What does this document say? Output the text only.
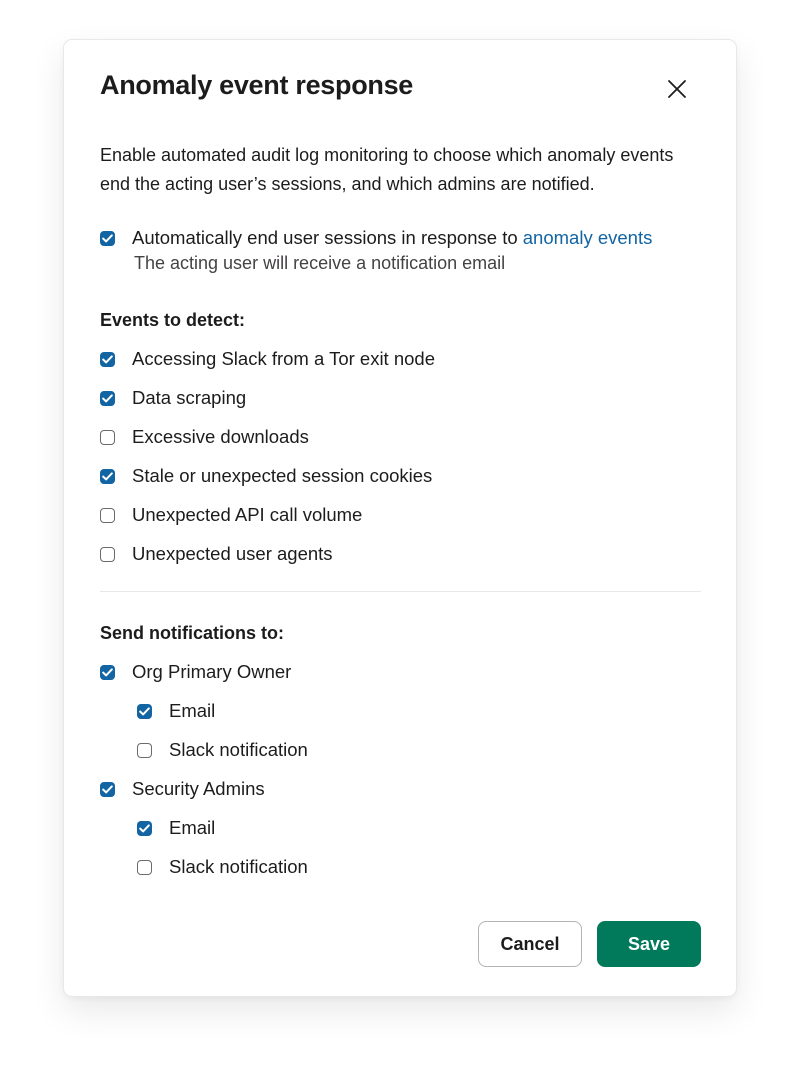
Anomaly event response
Enable automated audit log monitoring to choose which anomaly events end the acting user’s sessions, and which admins are notified.
Automatically end user sessions in response to anomaly events
The acting user will receive a notification email
Events to detect:
Accessing Slack from a Tor exit node
Data scraping
Excessive downloads
Stale or unexpected session cookies
Unexpected API call volume
Unexpected user agents
Send notifications to:
Org Primary Owner
Email
Slack notification
Security Admins
Email
Slack notification
Cancel	Save
